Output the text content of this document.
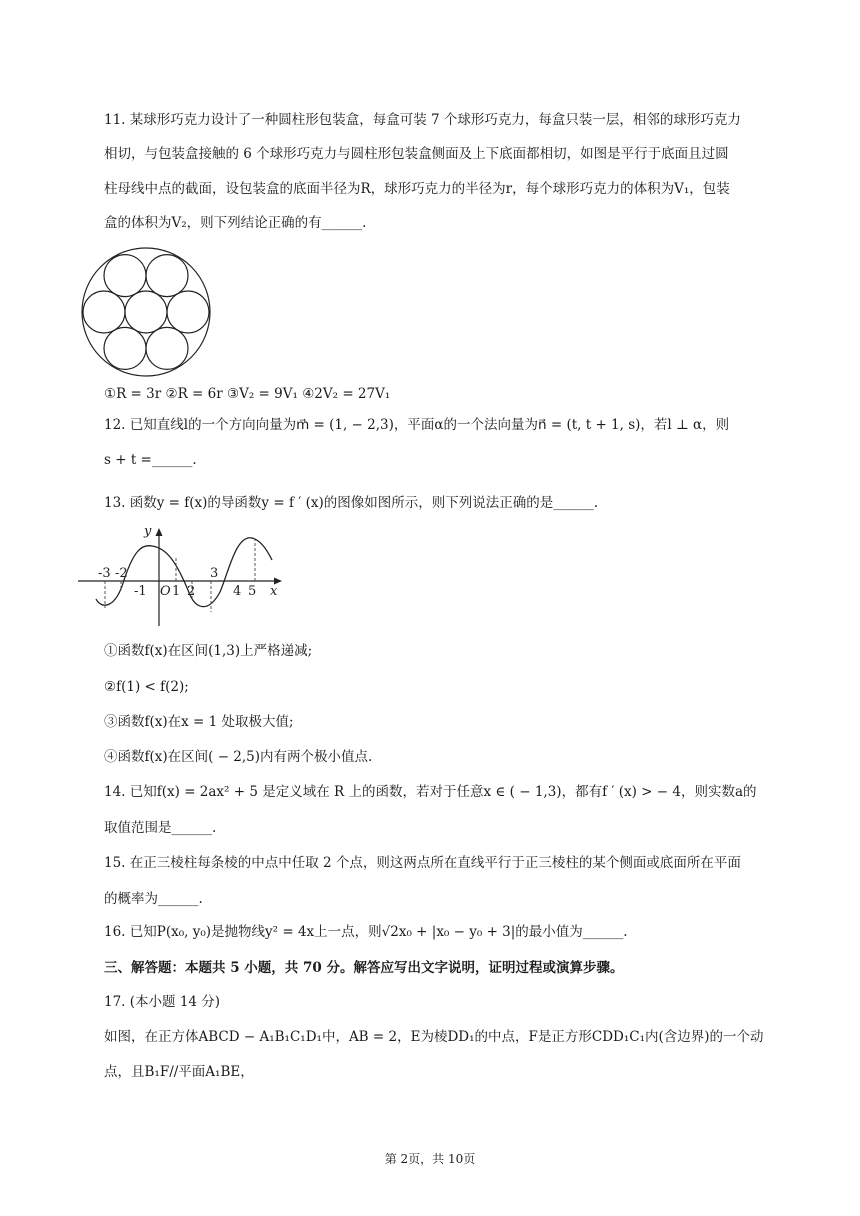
11. 某球形巧克力设计了一种圆柱形包装盒，每盒可装 7 个球形巧克力，每盒只装一层，相邻的球形巧克力
相切，与包装盒接触的 6 个球形巧克力与圆柱形包装盒侧面及上下底面都相切，如图是平行于底面且过圆
柱母线中点的截面，设包装盒的底面半径为R，球形巧克力的半径为r，每个球形巧克力的体积为V₁，包装
盒的体积为V₂，则下列结论正确的有______.
①R = 3r ②R = 6r ③V₂ = 9V₁ ④2V₂ = 27V₁
12. 已知直线l的一个方向向量为m⃗ = (1, − 2,3)，平面α的一个法向量为n⃗ = (t, t + 1, s)，若l ⊥ α，则
s + t =______.
13. 函数y = f(x)的导函数y = f ′ (x)的图像如图所示，则下列说法正确的是______.
y
x
O
-3 -2
-1 1 2
3
4 5
①函数f(x)在区间(1,3)上严格递减;
②f(1) < f(2);
③函数f(x)在x = 1 处取极大值;
④函数f(x)在区间( − 2,5)内有两个极小值点.
14. 已知f(x) = 2ax² + 5 是定义域在 R 上的函数，若对于任意x ∈ ( − 1,3)，都有f ′ (x) > − 4，则实数a的
取值范围是______.
15. 在正三棱柱每条棱的中点中任取 2 个点，则这两点所在直线平行于正三棱柱的某个侧面或底面所在平面
的概率为______.
16. 已知P(x₀, y₀)是抛物线y² = 4x上一点，则√2x₀ + |x₀ − y₀ + 3|的最小值为______.
三、解答题：本题共 5 小题，共 70 分。解答应写出文字说明，证明过程或演算步骤。
17. (本小题 14 分)
如图，在正方体ABCD − A₁B₁C₁D₁中，AB = 2，E为棱DD₁的中点，F是正方形CDD₁C₁内(含边界)的一个动
点，且B₁F//平面A₁BE，
第 2页，共 10页
